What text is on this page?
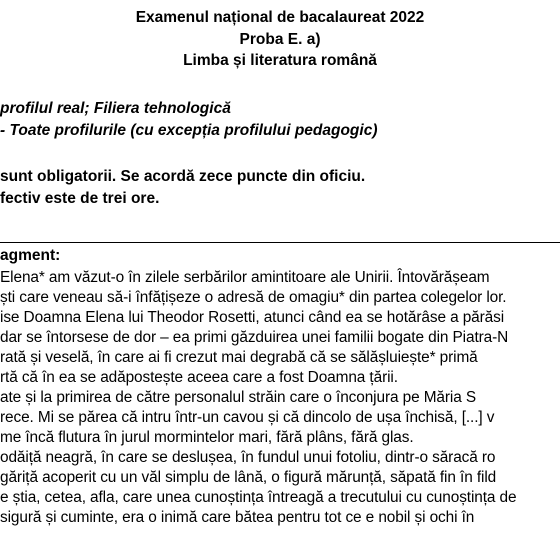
Examenul național de bacalaureat 2022
Proba E. a)
Limba și literatura română
profilul real; Filiera tehnologică
- Toate profilurile (cu excepția profilului pedagogic)
sunt obligatorii. Se acordă zece puncte din oficiu.
fectiv este de trei ore.
agment:
Elena* am văzut-o în zilele serbărilor amintitoare ale Unirii. Întovărășeam
ști care veneau să-i înfățișeze o adresă de omagiu* din partea colegelor lor.
ise Doamna Elena lui Theodor Rosetti, atunci când ea se hotărâse a părăsi
dar se întorsese de dor – ea primi găzduirea unei familii bogate din Piatra-N
rată și veselă, în care ai fi crezut mai degrabă că se sălășluiește* primă
rtă că în ea se adăpostește aceea care a fost Doamna țării.
ate și la primirea de către personalul străin care o înconjura pe Măria S
rece. Mi se părea că intru într-un cavou și că dincolo de ușa închisă, [...] v
me încă flutura în jurul mormintelor mari, fără plâns, fără glas.
odăiță neagră, în care se deslușea, în fundul unui fotoliu, dintr-o săracă ro
găriță acoperit cu un văl simplu de lână, o figură mărunță, săpată fin în fild
e știa, cetea, afla, care unea cunoștința întreagă a trecutului cu cunoștința de
sigură și cuminte, era o inimă care bătea pentru tot ce e nobil și ochi în
